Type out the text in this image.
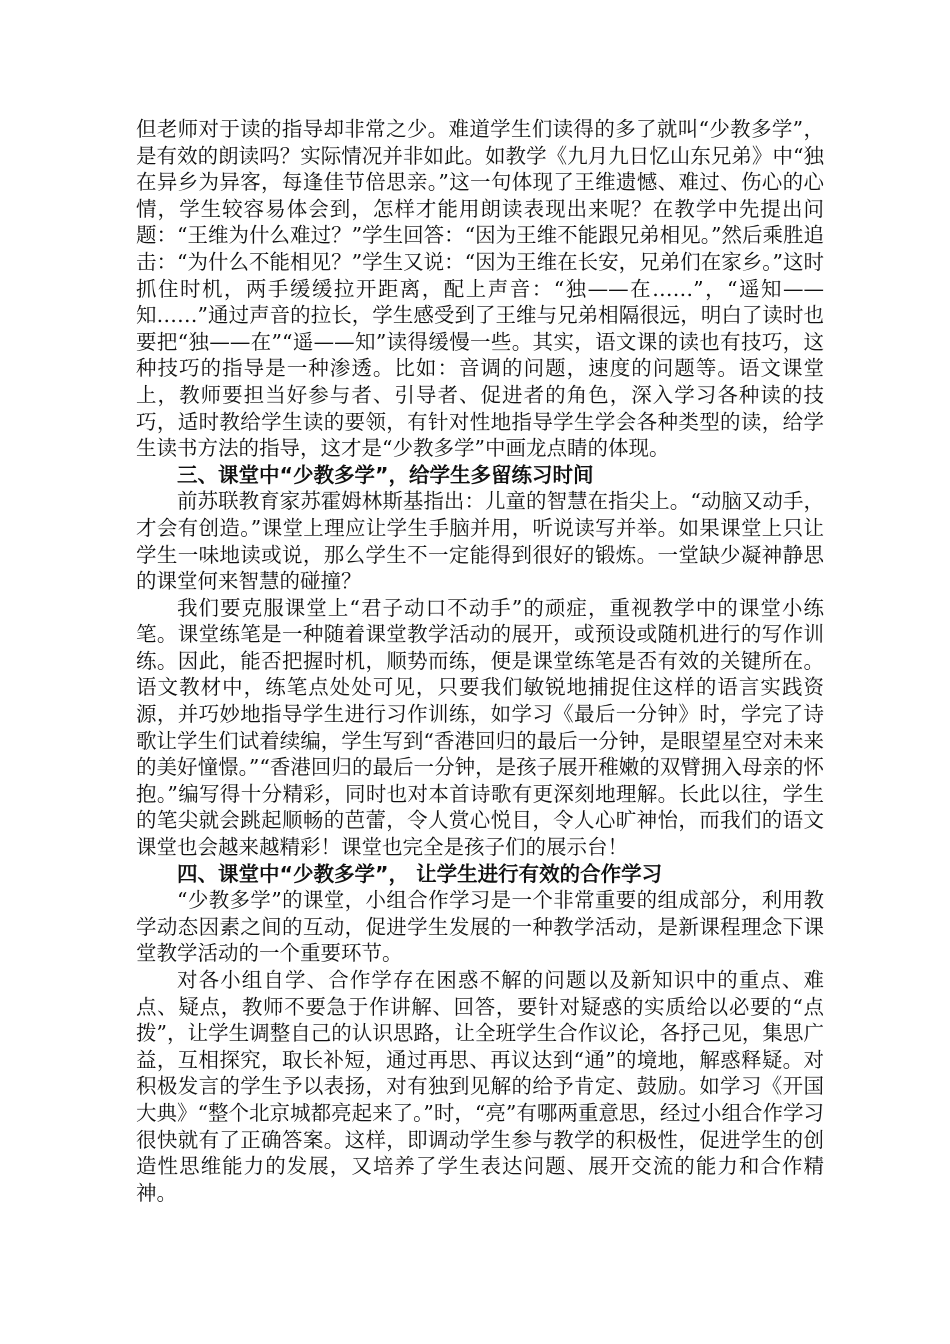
但老师对于读的指导却非常之少。难道学生们读得的多了就叫“少教多学”，是有效的朗读吗？实际情况并非如此。如教学《九月九日忆山东兄弟》中“独在异乡为异客，每逢佳节倍思亲。”这一句体现了王维遗憾、难过、伤心的心情，学生较容易体会到，怎样才能用朗读表现出来呢？在教学中先提出问题：“王维为什么难过？”学生回答：“因为王维不能跟兄弟相见。”然后乘胜追击：“为什么不能相见？”学生又说：“因为王维在长安，兄弟们在家乡。”这时抓住时机，两手缓缓拉开距离，配上声音：“独——在……”，“遥知——知……”通过声音的拉长，学生感受到了王维与兄弟相隔很远，明白了读时也要把“独——在”“遥——知”读得缓慢一些。其实，语文课的读也有技巧，这种技巧的指导是一种渗透。比如：音调的问题，速度的问题等。语文课堂上，教师要担当好参与者、引导者、促进者的角色，深入学习各种读的技巧，适时教给学生读的要领，有针对性地指导学生学会各种类型的读，给学生读书方法的指导，这才是“少教多学”中画龙点睛的体现。

三、课堂中“少教多学”，给学生多留练习时间

前苏联教育家苏霍姆林斯基指出：儿童的智慧在指尖上。“动脑又动手，才会有创造。”课堂上理应让学生手脑并用，听说读写并举。如果课堂上只让学生一味地读或说，那么学生不一定能得到很好的锻炼。一堂缺少凝神静思的课堂何来智慧的碰撞？

我们要克服课堂上“君子动口不动手”的顽症，重视教学中的课堂小练笔。课堂练笔是一种随着课堂教学活动的展开，或预设或随机进行的写作训练。因此，能否把握时机，顺势而练，便是课堂练笔是否有效的关键所在。语文教材中，练笔点处处可见，只要我们敏锐地捕捉住这样的语言实践资源，并巧妙地指导学生进行习作训练，如学习《最后一分钟》时，学完了诗歌让学生们试着续编，学生写到“香港回归的最后一分钟，是眼望星空对未来的美好憧憬。”“香港回归的最后一分钟，是孩子展开稚嫩的双臂拥入母亲的怀抱。”编写得十分精彩，同时也对本首诗歌有更深刻地理解。长此以往，学生的笔尖就会跳起顺畅的芭蕾，令人赏心悦目，令人心旷神怡，而我们的语文课堂也会越来越精彩！课堂也完全是孩子们的展示台！

四、课堂中“少教多学”， 让学生进行有效的合作学习

“少教多学”的课堂，小组合作学习是一个非常重要的组成部分，利用教学动态因素之间的互动，促进学生发展的一种教学活动，是新课程理念下课堂教学活动的一个重要环节。

对各小组自学、合作学存在困惑不解的问题以及新知识中的重点、难点、疑点，教师不要急于作讲解、回答，要针对疑惑的实质给以必要的“点拨”，让学生调整自己的认识思路，让全班学生合作议论，各抒己见，集思广益，互相探究，取长补短，通过再思、再议达到“通”的境地，解惑释疑。对积极发言的学生予以表扬，对有独到见解的给予肯定、鼓励。如学习《开国大典》“整个北京城都亮起来了。”时，“亮”有哪两重意思，经过小组合作学习很快就有了正确答案。这样，即调动学生参与教学的积极性，促进学生的创造性思维能力的发展，又培养了学生表达问题、展开交流的能力和合作精神。
